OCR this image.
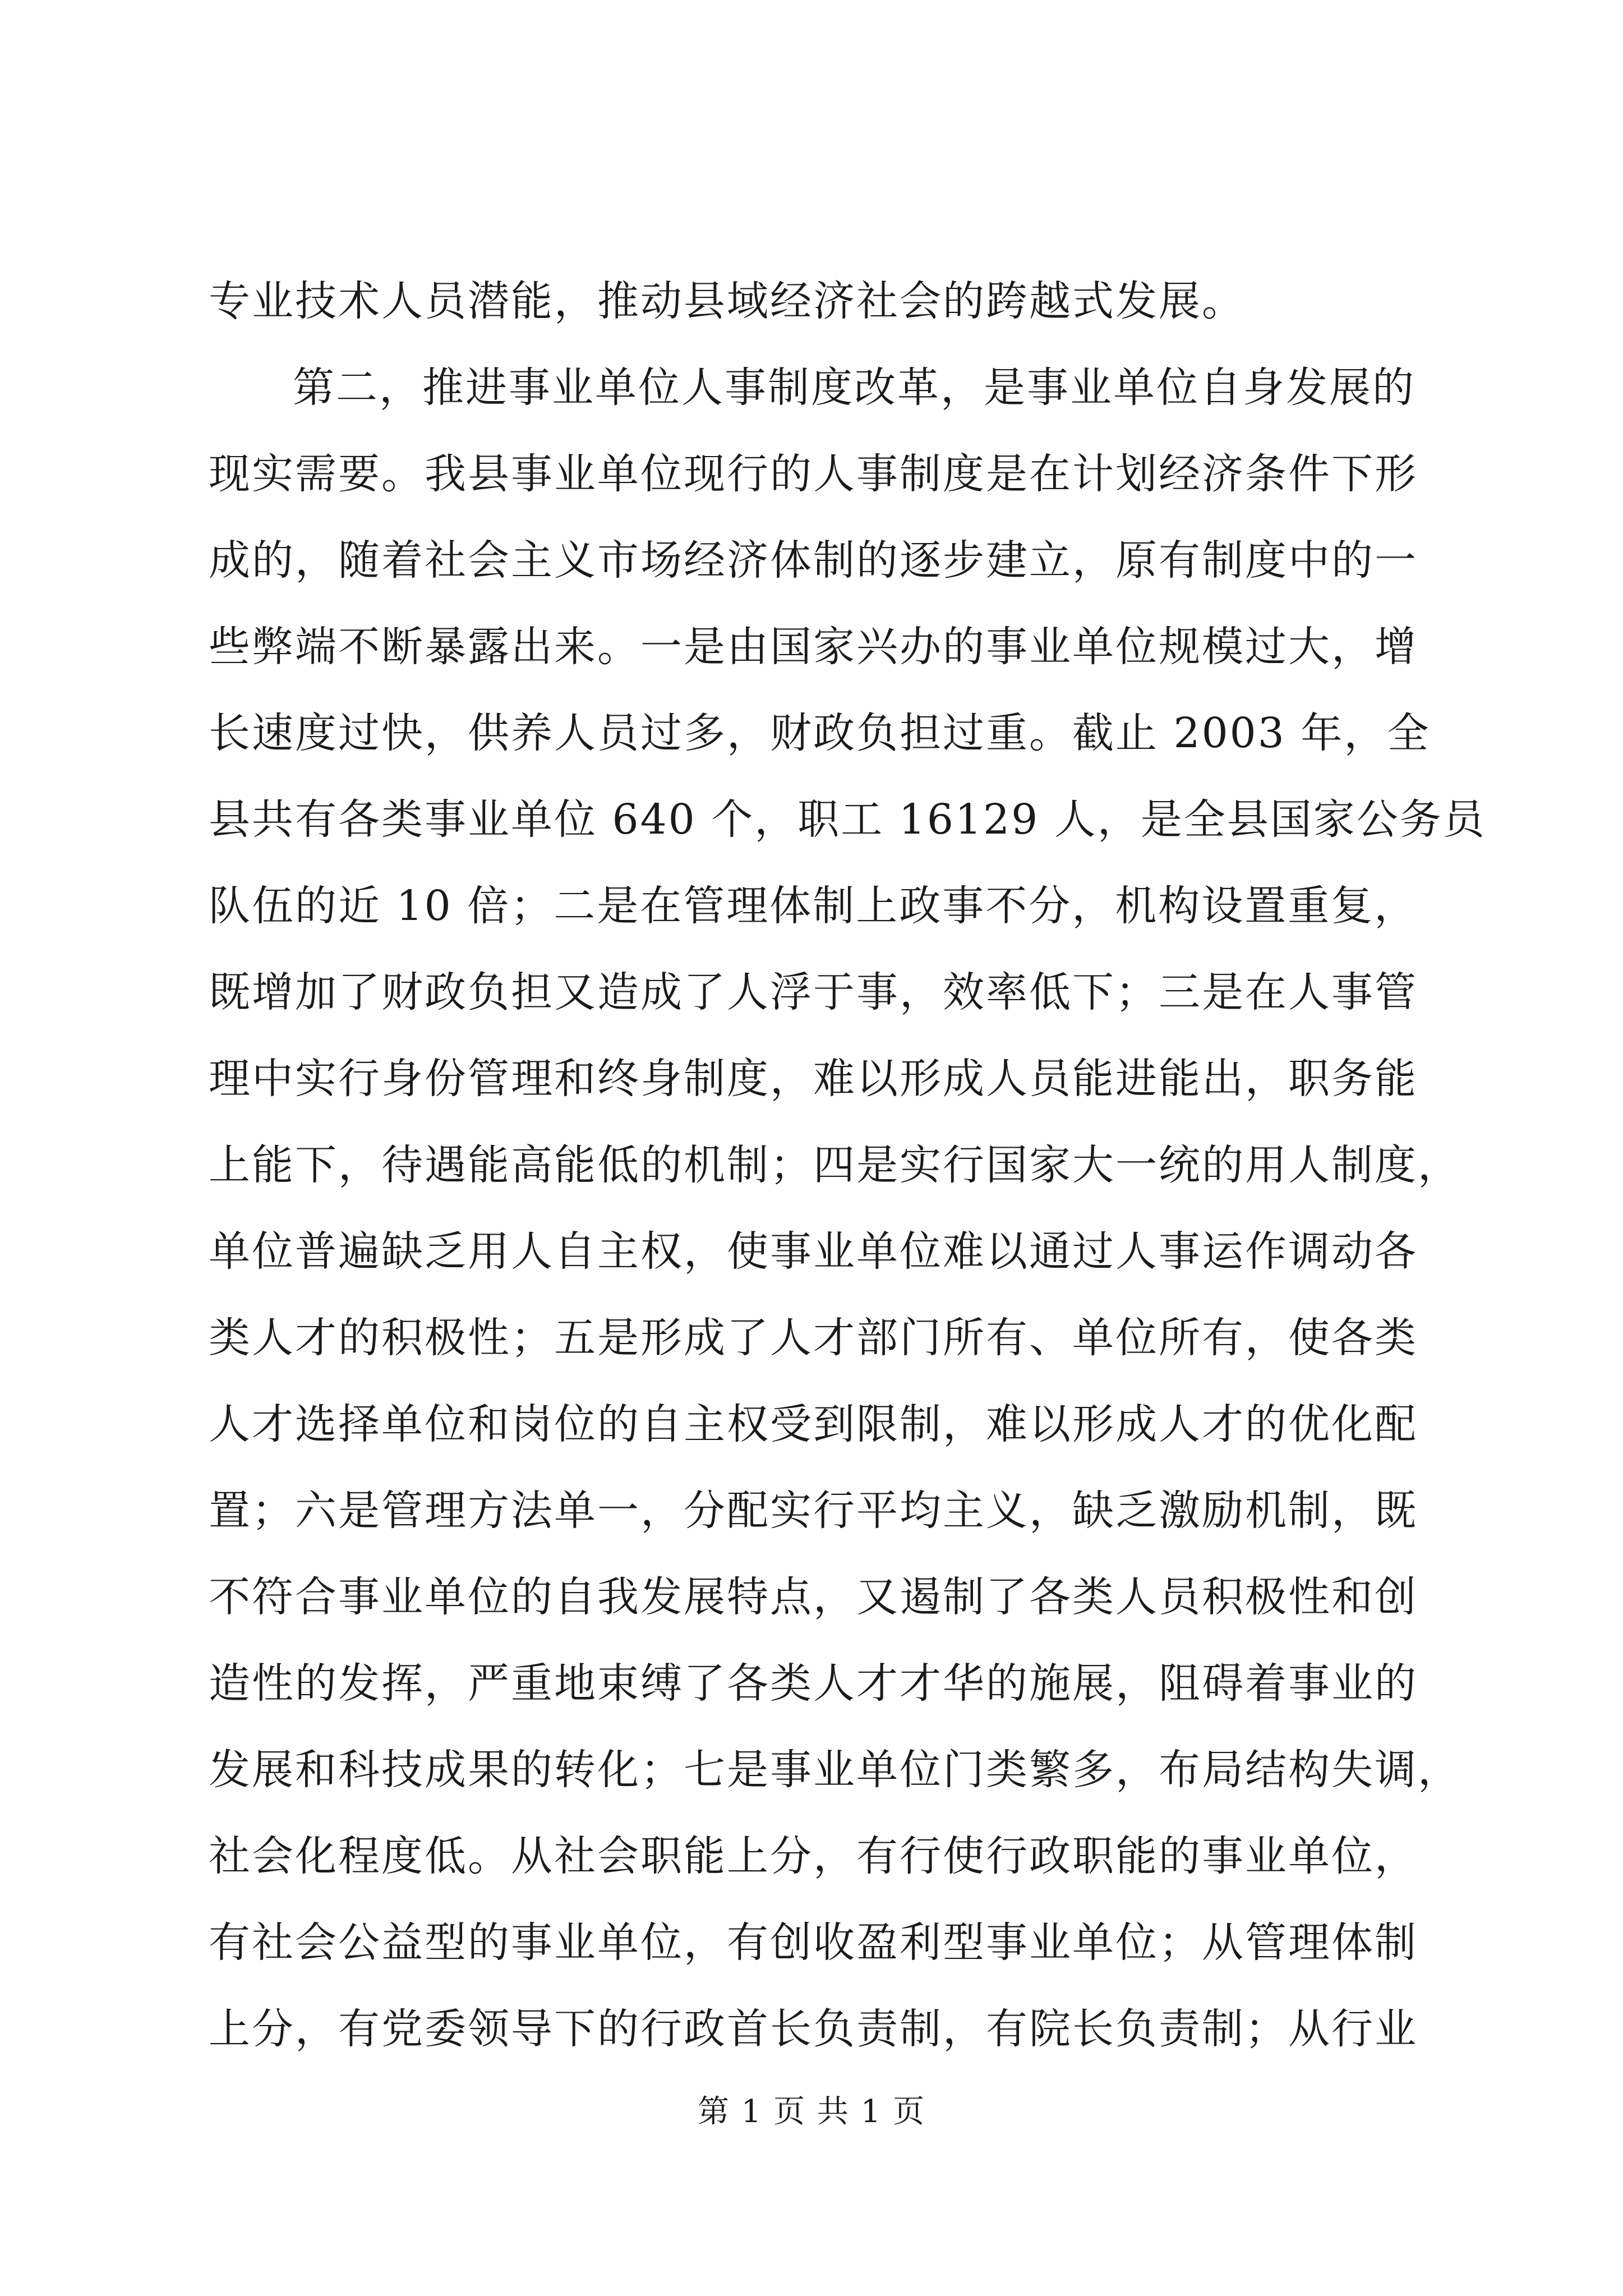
专业技术人员潜能，推动县域经济社会的跨越式发展。
第二，推进事业单位人事制度改革，是事业单位自身发展的
现实需要。我县事业单位现行的人事制度是在计划经济条件下形
成的，随着社会主义市场经济体制的逐步建立，原有制度中的一
些弊端不断暴露出来。一是由国家兴办的事业单位规模过大，增
长速度过快，供养人员过多，财政负担过重。截止 2003 年，全
县共有各类事业单位 640 个，职工 16129 人，是全县国家公务员
队伍的近 10 倍；二是在管理体制上政事不分，机构设置重复，
既增加了财政负担又造成了人浮于事，效率低下；三是在人事管
理中实行身份管理和终身制度，难以形成人员能进能出，职务能
上能下，待遇能高能低的机制；四是实行国家大一统的用人制度，
单位普遍缺乏用人自主权，使事业单位难以通过人事运作调动各
类人才的积极性；五是形成了人才部门所有、单位所有，使各类
人才选择单位和岗位的自主权受到限制，难以形成人才的优化配
置；六是管理方法单一，分配实行平均主义，缺乏激励机制，既
不符合事业单位的自我发展特点，又遏制了各类人员积极性和创
造性的发挥，严重地束缚了各类人才才华的施展，阻碍着事业的
发展和科技成果的转化；七是事业单位门类繁多，布局结构失调，
社会化程度低。从社会职能上分，有行使行政职能的事业单位，
有社会公益型的事业单位，有创收盈利型事业单位；从管理体制
上分，有党委领导下的行政首长负责制，有院长负责制；从行业
第 1 页 共 1 页
